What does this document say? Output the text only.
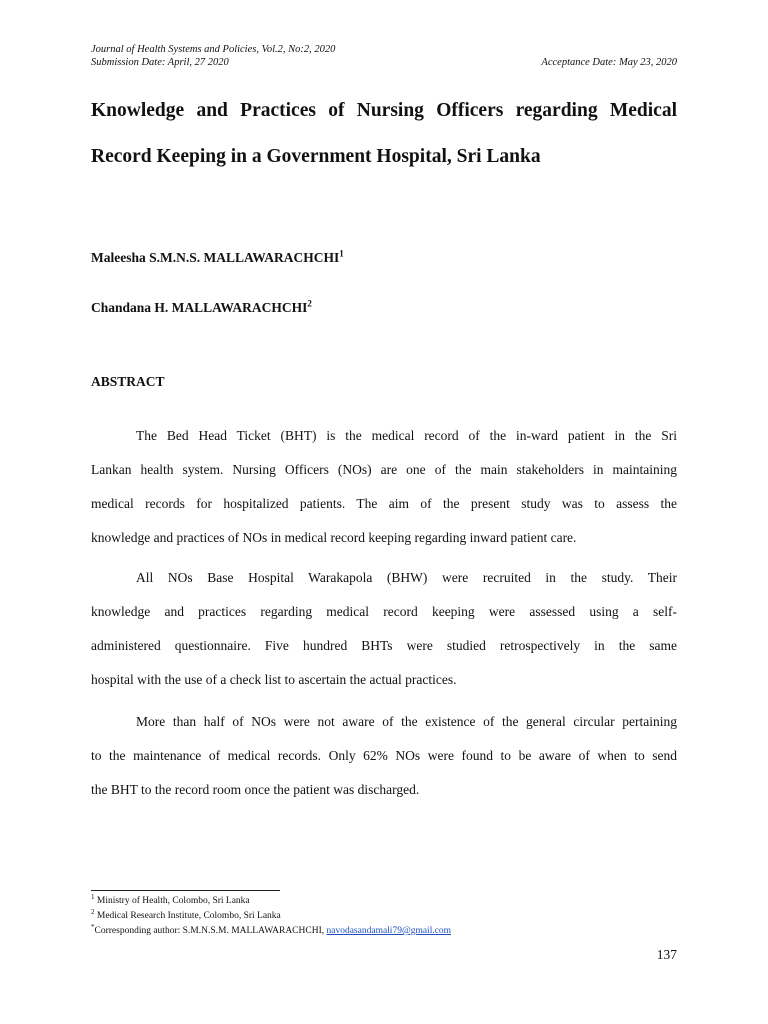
Journal of Health Systems and Policies, Vol.2, No:2, 2020
Submission Date: April, 27 2020	Acceptance Date: May 23, 2020
Knowledge and Practices of Nursing Officers regarding Medical
Record Keeping in a Government Hospital, Sri Lanka
Maleesha S.M.N.S. MALLAWARACHCHI$^1$
Chandana H. MALLAWARACHCHI$^2$
ABSTRACT
The Bed Head Ticket (BHT) is the medical record of the in-ward patient in the Sri
Lankan health system. Nursing Officers (NOs) are one of the main stakeholders in maintaining
medical records for hospitalized patients. The aim of the present study was to assess the
knowledge and practices of NOs in medical record keeping regarding inward patient care.
All NOs Base Hospital Warakapola (BHW) were recruited in the study. Their
knowledge and practices regarding medical record keeping were assessed using a self-
administered questionnaire. Five hundred BHTs were studied retrospectively in the same
hospital with the use of a check list to ascertain the actual practices.
More than half of NOs were not aware of the existence of the general circular pertaining
to the maintenance of medical records. Only 62% NOs were found to be aware of when to send
the BHT to the record room once the patient was discharged.
$^1$ Ministry of Health, Colombo, Sri Lanka
$^2$ Medical Research Institute, Colombo, Sri Lanka
*Corresponding author: S.M.N.S.M. MALLAWARACHCHI, navodasandamali79@gmail.com
137
